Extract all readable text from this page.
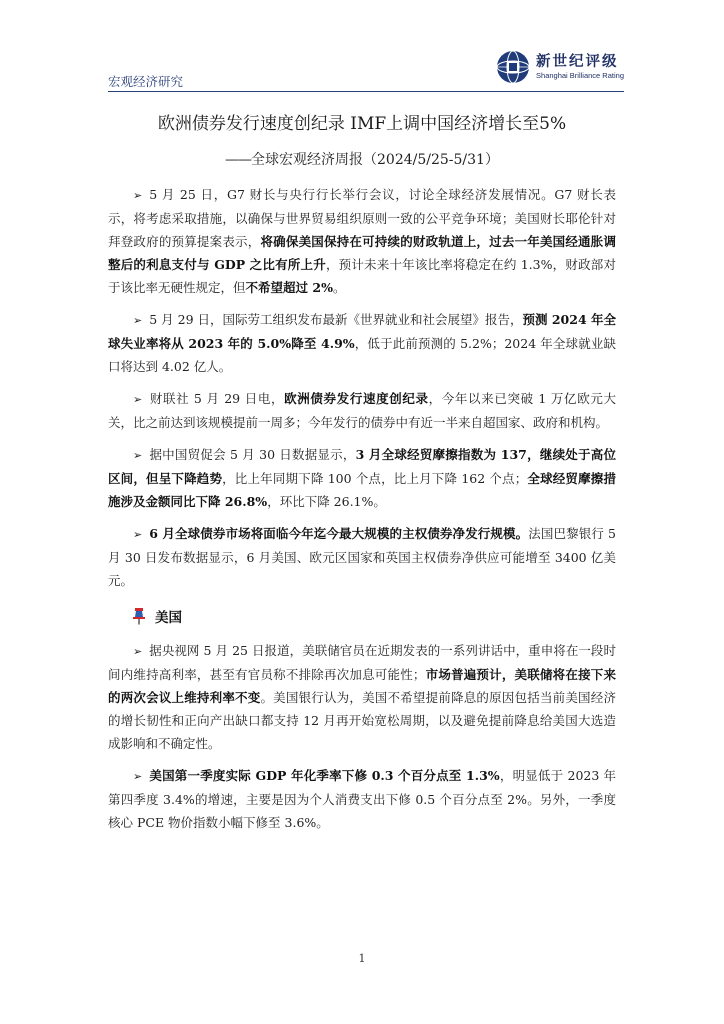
宏观经济研究
新世纪评级
Shanghai Brilliance Rating
欧洲债券发行速度创纪录 IMF上调中国经济增长至5%
——全球宏观经济周报（2024/5/25-5/31）

➢ 5 月 25 日，G7 财长与央行行长举行会议，讨论全球经济发展情况。G7 财长表示，将考虑采取措施，以确保与世界贸易组织原则一致的公平竞争环境；美国财长耶伦针对拜登政府的预算提案表示，将确保美国保持在可持续的财政轨道上，过去一年美国经通胀调整后的利息支付与 GDP 之比有所上升，预计未来十年该比率将稳定在约 1.3%，财政部对于该比率无硬性规定，但不希望超过 2%。

➢ 5 月 29 日，国际劳工组织发布最新《世界就业和社会展望》报告，预测 2024 年全球失业率将从 2023 年的 5.0%降至 4.9%，低于此前预测的 5.2%；2024 年全球就业缺口将达到 4.02 亿人。

➢ 财联社 5 月 29 日电，欧洲债券发行速度创纪录，今年以来已突破 1 万亿欧元大关，比之前达到该规模提前一周多；今年发行的债券中有近一半来自超国家、政府和机构。

➢ 据中国贸促会 5 月 30 日数据显示，3 月全球经贸摩擦指数为 137，继续处于高位区间，但呈下降趋势，比上年同期下降 100 个点，比上月下降 162 个点；全球经贸摩擦措施涉及金额同比下降 26.8%，环比下降 26.1%。

➢ 6 月全球债券市场将面临今年迄今最大规模的主权债券净发行规模。法国巴黎银行 5 月 30 日发布数据显示，6 月美国、欧元区国家和英国主权债券净供应可能增至 3400 亿美元。

美国

➢ 据央视网 5 月 25 日报道，美联储官员在近期发表的一系列讲话中，重申将在一段时间内维持高利率，甚至有官员称不排除再次加息可能性；市场普遍预计，美联储将在接下来的两次会议上维持利率不变。美国银行认为，美国不希望提前降息的原因包括当前美国经济的增长韧性和正向产出缺口都支持 12 月再开始宽松周期，以及避免提前降息给美国大选造成影响和不确定性。

➢ 美国第一季度实际 GDP 年化季率下修 0.3 个百分点至 1.3%，明显低于 2023 年第四季度 3.4%的增速，主要是因为个人消费支出下修 0.5 个百分点至 2%。另外，一季度核心 PCE 物价指数小幅下修至 3.6%。

1
